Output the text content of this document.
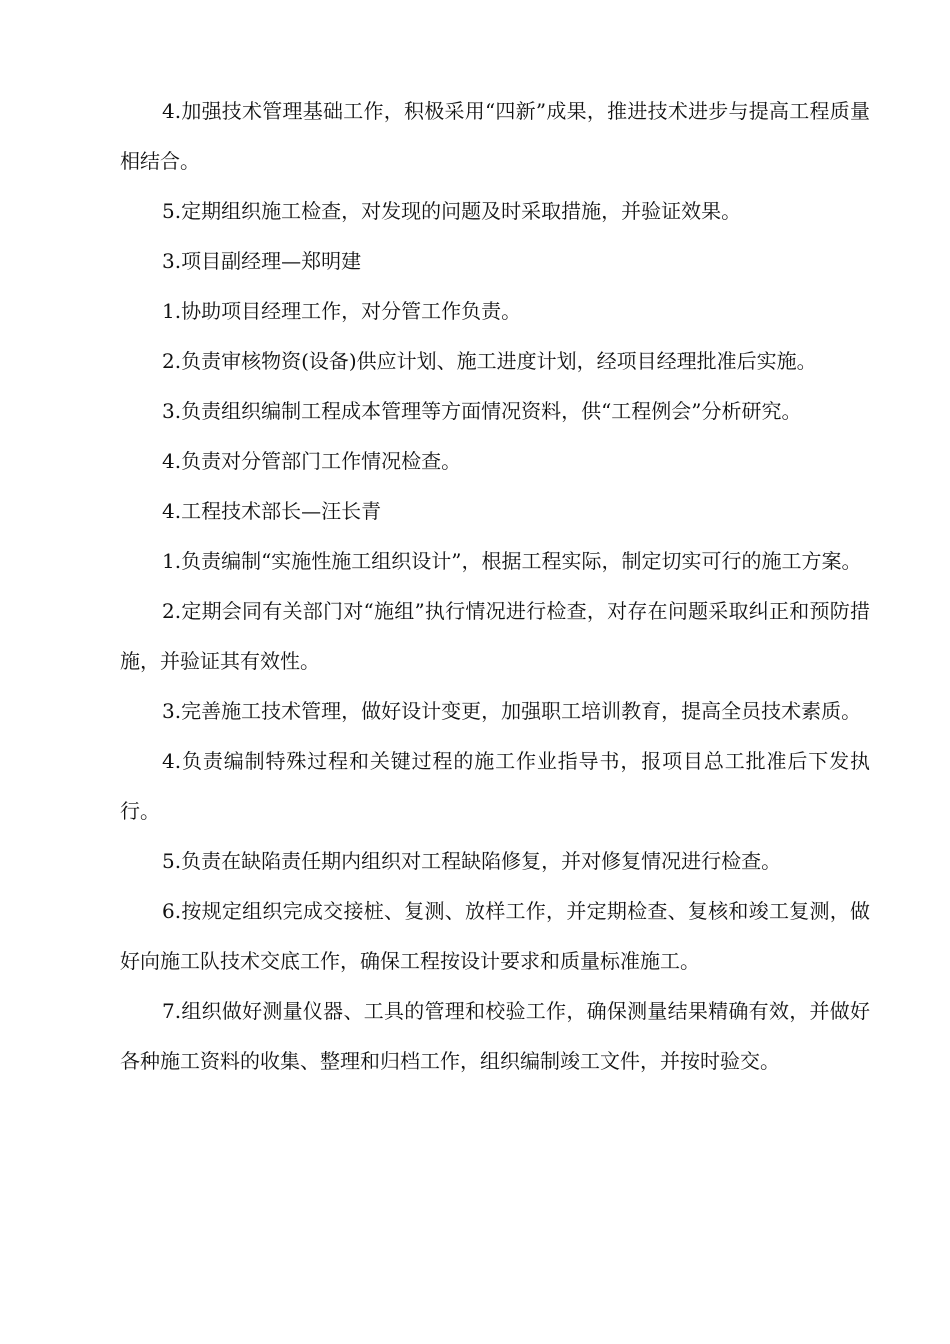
4.加强技术管理基础工作，积极采用“四新”成果，推进技术进步与提高工程质量相结合。

5.定期组织施工检查，对发现的问题及时采取措施，并验证效果。

3.项目副经理—郑明建

1.协助项目经理工作，对分管工作负责。

2.负责审核物资(设备)供应计划、施工进度计划，经项目经理批准后实施。

3.负责组织编制工程成本管理等方面情况资料，供“工程例会”分析研究。

4.负责对分管部门工作情况检查。

4.工程技术部长—汪长青

1.负责编制“实施性施工组织设计”，根据工程实际，制定切实可行的施工方案。

2.定期会同有关部门对“施组”执行情况进行检查，对存在问题采取纠正和预防措施，并验证其有效性。

3.完善施工技术管理，做好设计变更，加强职工培训教育，提高全员技术素质。

4.负责编制特殊过程和关键过程的施工作业指导书，报项目总工批准后下发执行。

5.负责在缺陷责任期内组织对工程缺陷修复，并对修复情况进行检查。

6.按规定组织完成交接桩、复测、放样工作，并定期检查、复核和竣工复测，做好向施工队技术交底工作，确保工程按设计要求和质量标准施工。

7.组织做好测量仪器、工具的管理和校验工作，确保测量结果精确有效，并做好各种施工资料的收集、整理和归档工作，组织编制竣工文件，并按时验交。
